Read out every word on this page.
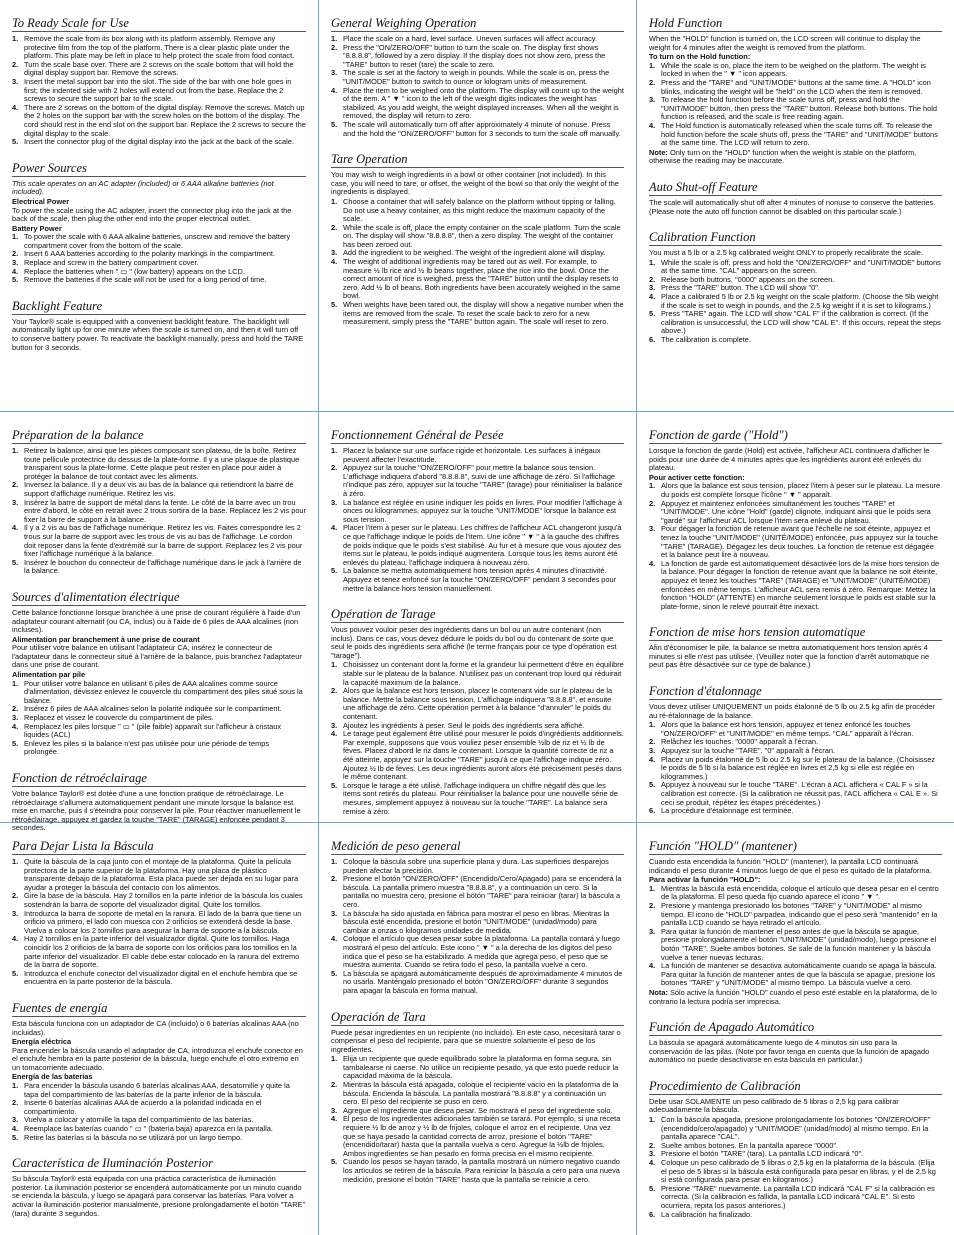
To Ready Scale for Use
1. Remove the scale from its box along with its platform assembly. Remove any protective film from the top of the platform. There is a clear plastic plate under the platform. This plate may be left in place to help protect the scale from food contact.
2. Turn the scale base over. There are 2 screws on the scale bottom that will hold the digital display support bar. Remove the screws.
3. Insert the metal support bar into the slot. The side of the bar with one hole goes in first; the indented side with 2 holes will extend out from the base. Replace the 2 screws to secure the support bar to the scale.
4. There are 2 screws on the bottom of the digital display. Remove the screws. Match up the 2 holes on the support bar with the screw holes on the bottom of the display. The cord should rest in the end slot on the support bar. Replace the 2 screws to secure the digital display to the scale.
5. Insert the connector plug of the digital display into the jack at the back of the scale.
Power Sources

This scale operates on an AC adapter (included) or 6 AAA alkaline batteries (not included).

Electrical Power

To power the scale using the AC adapter, insert the connector plug into the jack at the back of the scale, then plug the other end into the proper electrical outlet.

Battery Power

1. To power the scale with 6 AAA alkaline batteries, unscrew and remove the battery compartment cover from the bottom of the scale.
2. Insert 6 AAA batteries according to the polarity markings in the compartment.
3. Replace and screw in the battery compartment cover.
4. Replace the batteries when " ▭ " (low battery) appears on the LCD.
5. Remove the batteries if the scale will not be used for a long period of time.
Backlight Feature

Your Taylor® scale is equipped with a convenient backlight feature. The backlight will automatically light up for one minute when the scale is turned on, and then it will turn off to conserve battery power. To reactivate the backlight manually, press and hold the TARE button for 3 seconds.

General Weighing Operation
1. Place the scale on a hard, level surface. Uneven surfaces will affect accuracy.
2. Press the "ON/ZERO/OFF" button to turn the scale on. The display first shows "8.8.8.8", followed by a zero display. If the display does not show zero, press the "TARE" button to reset (tare) the scale to zero.
3. The scale is set at the factory to weigh in pounds. While the scale is on, press the "UNIT/MODE" button to switch to ounce or kilogram units of measurement.
4. Place the item to be weighed onto the platform. The display will count up to the weight of the item. A " ▼ " icon to the left of the weight digits indicates the weight has stabilized. As you add weight, the weight displayed increases. When all the weight is removed, the display will return to zero.
5. The scale will automatically turn off after approximately 4 minute of nonuse. Press and the hold the "ON/ZERO/OFF" button for 3 seconds to turn the scale off manually.
Tare Operation

You may wish to weigh ingredients in a bowl or other container (not included). In this case, you will need to tare, or offset, the weight of the bowl so that only the weight of the ingredients is displayed.

1. Choose a container that will safely balance on the platform without tipping or falling. Do not use a heavy container, as this might reduce the maximum capacity of the scale.
2. While the scale is off, place the empty container on the scale platform. Turn the scale on. The display will show "8.8.8.8", then a zero display. The weight of the container has been zeroed out.
3. Add the ingredient to be weighed. The weight of the ingredient alone will display.
4. The weight of additional ingredients may be tared out as well. For example, to measure ½ lb rice and ½ lb beans together, place the rice into the bowl. Once the correct amount of rice is weighed, press the "TARE" button until the display resets to zero. Add ½ lb of beans. Both ingredients have been accurately weighed in the same bowl.
5. When weights have been tared out, the display will show a negative number when the items are removed from the scale. To reset the scale back to zero for a new measurement, simply press the "TARE" button again. The scale will reset to zero.
Hold Function

When the "HOLD" function is turned on, the LCD screen will continue to display the weight for 4 minutes after the weight is removed from the platform.

To turn on the Hold function:

1. While the scale is on, place the item to be weighed on the platform. The weight is locked in when the " ▼ " icon appears.
2. Press and the "TARE" and "UNIT/MODE" buttons at the same time. A "HOLD" icon blinks, indicating the weight will be "held" on the LCD when the item is removed.
3. To release the hold function before the scale turns off, press and hold the "UNIT/MODE" button, then press the "TARE" button. Release both buttons. The hold function is released, and the scale is free reading again.
4. The Hold function is automatically released when the scale turns off. To release the hold function before the scale shuts off, press the "TARE" and "UNIT/MODE" buttons at the same time. The LCD will return to zero.

Note: Only turn on the "HOLD" function when the weight is stable on the platform, otherwise the reading may be inaccurate.

Auto Shut-off Feature

The scale will automatically shut off after 4 minutes of nonuse to conserve the batteries. (Please note the auto off function cannot be disabled on this particular scale.)

Calibration Function

You must a 5 lb or a 2.5 kg calibrated weight ONLY to properly recalibrate the scale.

1. While the scale is off, press and hold the "ON/ZERO/OFF" and "UNIT/MODE" buttons at the same time. "CAL" appears on the screen.
2. Release both buttons. "0000" appears on the screen.
3. Press the "TARE" button. The LCD will show "0".
4. Place a calibrated 5 lb or 2.5 kg weight on the scale platform. (Choose the 5lb weight if the scale is set to weigh in pounds, and the 2.5 kg weight if it is set to kilograms.)
5. Press "TARE" again. The LCD will show "CAL F" if the calibration is correct. (If the calibration is unsuccessful, the LCD will show "CAL E". If this occurs, repeat the steps above.)
6. The calibration is complete.
Préparation de la balance
1. Retirez la balance, ainsi que les pièces composant son plateau, de la boîte. Retirez toute pellicule protectrice du dessus de la plate-forme. Il y a une plaque de plastique transparent sous la plate-forme. Cette plaque peut rester en place pour aider à protéger la balance de tout contact avec les aliments.
2. Inversez la balance. Il y a deux vis au bas de la balance qui retiendront la barre de support d'affichage numérique. Retirez les vis.
3. Insérez la barre de support de métal dans la fente. Le côté de la barre avec un trou entre d'abord, le côté en retrait avec 2 trous sortira de la base. Replacez les 2 vis pour fixer la barre de support à la balance.
4. Il y a 2 vis au bas de l'affichage numérique. Retirez les vis. Faites correspondre les 2 trous sur la barre de support avec les trous de vis au bas de l'affichage. Le cordon doit reposer dans la fente d'extrémité sur la barre de support. Replacez les 2 vis pour fixer l'affichage numérique à la balance.
5. Insérez le bouchon du connecteur de l'affichage numérique dans le jack à l'arrière de la balance.
Sources d'alimentation électrique

Cette balance fonctionne lorsque branchée à une prise de courant régulière à l'aide d'un adaptateur courant alternatif (ou CA, inclus) ou à l'aide de 6 piles de AAA alcalines (non incluses).

Alimentation par branchement à une prise de courant

Pour utiliser votre balance en utilisant l'adaptateur CA, insérez le connecteur de l'adaptateur dans le connecteur situé à l'arrière de la balance, puis branchez l'adaptateur dans une prise de courant.

Alimentation par pile

1. Pour utiliser votre balance en utilisant 6 piles de AAA alcalines comme source d'alimentation, dévissez enlevez le couvercle du compartiment des piles situé sous la balance.
2. Insérez 6 piles de AAA alcalines selon la polarité indiquée sur le compartiment.
3. Replacez et vissez le couvercle du compartiment de piles.
4. Remplacez les piles lorsque " ▭ " (pile faible) apparaît sur l'afficheur à cristaux liquides (ACL)
5. Enlevez les piles si la balance n'est pas utilisée pour une période de temps prolongée.
Fonction de rétroéclairage

Votre balance Taylor® est dotée d'une a une fonction pratique de rétroéclairage. Le rétroéclairage s'allumera automatiquement pendant une minute lorsque la balance est mise en marche, puis il s'éteindra pour conserver la pile. Pour réactiver manuellement le rétroéclairage, appuyez et gardez la touche "TARE" (TARAGE) enfoncée pendant 3 secondes.

Fonctionnement Général de Pesée
1. Placez la balance sur une surface rigide et horizontale. Les surfaces à inégaux peuvent affecter l'exactitude.
2. Appuyez sur la touche "ON/ZERO/OFF" pour mettre la balance sous tension. L'affichage indiquera d'abord "8.8.8.8", suivi de une affichage de zéro. Si l'affichage n'indique pas zéro, appuyer sur la touche "TARE" (tarage) pour réinitialiser la balance à zéro.
3. La balance est réglée en usine indiquer les poids en livres. Pour modifier l'affichage à onces ou kilogrammes, appuyez sur la touche "UNIT/MODE" lorsque la balance est sous tension.
4. Placer l'item à peser sur le plateau. Les chiffres de l'afficheur ACL changeront jusqu'à ce que l'affichage indique le poids de l'item. Une icône " ▼ " à la gauche des chiffres de poids indique que le poids s'est stabilisé. Au fur et à mesure que vous ajoutez des items sur le plateau, le poids indiqué augmentera. Lorsque tous les items auront été enlevés du plateau, l'affichage indiquera à nouveau zéro.
5. La balance se mettra automatiquement hors tension après 4 minutes d'inactivité. Appuyez et tenez enfoncé sur la touche "ON/ZERO/OFF" pendant 3 secondes pour mettre la balance hors tension manuellement.
Opération de Tarage

Vous pouvez vouloir peser des ingrédients dans un bol ou un autre contenant (non inclus). Dans ce cas, vous devez déduire le poids du bol ou du contenant de sorte que seul le poids des ingrédients sera affiché (le terme français pour ce type d'opération est "tarage").

1. Choisissez un contenant dont la forme et la grandeur lui permettent d'être en équilibre stable sur le plateau de la balance. N'utilisez pas un contenant trop lourd qui réduirait la capacité maximum de la balance.
2. Alors que la balance est hors tension, placez le contenant vide sur le plateau de la balance. Mettre la balance sous tension. L'affichage indiquera "8.8.8.8", et ensuite une affichage de zéro. Cette opération permet à la balance "d'annuler" le poids du contenant.
3. Ajoutez les ingrédients à peser. Seul le poids des ingrédients sera affiché.
4. Le tarage peut également être utilisé pour mesurer le poids d'ingrédients additionnels. Par exemple, supposons que vous vouliez peser ensemble ½lb de riz et ½ lb de fèves. Placez d'abord le riz dans le contenant. Lorsque la quantité correcte de riz a été atteinte, appuyez sur la touche "TARE" jusqu'à ce que l'affichage indique zéro. Ajoutez ½ lb de fèves. Les deux ingrédients auront alors été précisément pesés dans le même contenant.
5. Lorsque le tarage a été utilisé, l'affichage indiquera un chiffre négatif dès que les items sont retirés du plateau. Pour réinitialiser la balance pour une nouvelle série de mesures, simplement appuyez à nouveau sur la touche "TARE". La balance sera remise à zéro.
Fonction de garde ("Hold")

Lorsque la fonction de garde (Hold) est activée, l'afficheur ACL continuera d'afficher le poids pour une durée de 4 minutes après que les ingrédients auront été enlevés du plateau.

Pour activer cette fonction:

1. Alors que la balance est sous tension, placez l'item à peser sur le plateau. La mesure du poids est complète lorsque l'icône " ▼ " apparaît.
2. Appuyez et maintenez enfoncées simultanément les touches "TARE" et "UNIT/MODE". Une icône "Hold" (garde) clignote, indiquant ainsi que le poids sera "gardé" sur l'afficheur ACL lorsque l'item sera enlevé du plateau.
3. Pour dégager la fonction de retenue avant que l'échelle ne soit éteinte, appuyez et tenez la touche "UNIT/MODE" (UNITÉ/MODE) enfoncée, puis appuyez sur la touche "TARE" (TARAGE). Dégagez les deux touches. La fonction de retenue est dégagée et la balance peut lire à nouveau.
4. La fonction de garde est automatiquement désactivée lors de la mise hors tension de la balance. Pour dégager la fonction de retenue avant que la balance ne soit éteinte, appuyez et tenez les touches "TARE" (TARAGE) et "UNIT/MODE" (UNITÉ/MODE) enfoncées en même temps. L'afficheur ACL sera remis à zéro. Remarque: Mettez la fonction "HOLD" (ATTENTE) en marche seulement lorsque le poids est stable sur la plate-forme, sinon le relevé pourrait être inexact.
Fonction de mise hors tension automatique

Afin d'économiser le pile, la balance se mettra automatiquement hors tension après 4 minutes si elle n'est pas utilisée. (Veuillez noter que la fonction d'arrêt automatique ne peut pas être désactivée sur ce type de balance.)

Fonction d'étalonnage

Vous devez utiliser UNIQUEMENT un poids étalonné de 5 lb ou 2.5 kg afin de procéder au ré-étalonnage de la balance.

1. Alors que la balance est hors tension, appuyez et tenez enfoncé les touches "ON/ZERO/OFF" et "UNIT/MODE" en même temps. "CAL" apparaît à l'écran.
2. Relâchez les touches. "0000" apparaît à l'écran.
3. Appuyez sur la touche "TARE". "0" apparaît à l'écran.
4. Placez un poids étalonné de 5 lb ou 2.5 kg sur le plateau de la balance. (Choisissez le poids de 5 lb si la balance est réglée en livres et 2,5 kg si elle est réglée en kilogrammes.)
5. Appuyez à nouveau sur le touche "TARE". L'écran à ACL affichera « CAL F » si la calibration est correcte. (Si la calibration ne réussit pas, l'ACL affichera « CAL E ». Si ceci se produit, répétez les étapes précédentes.)
6. La procédure d'étalonnage est terminée.
Para Dejar Lista la Báscula
1. Quite la báscula de la caja junto con el montaje de la plataforma. Quite la película protectora de la parte superior de la plataforma. Hay una placa de plástico transparente debajo de la plataforma. Esta placa puede ser dejada en su lugar para ayudar a proteger la báscula del contacto con los alimentos.
2. Gire la base de la báscula. Hay 2 tornillos en la parte inferior de la báscula los cuales sostendrán la barra de soporte del visualizador digital. Quite los tornillos.
3. Introduzca la barra de soporte de metal en la ranura. El lado de la barra que tiene un orificio va primero, el lado con muesca con 2 orificios se extenderá desde la base. Vuelva a colocar los 2 tornillos para asegurar la barra de soporte a la báscula.
4. Hay 2 tornillos en la parte inferior del visualizador digital. Quite los tornillos. Haga coincidir los 2 orificios de la barra de soporte con los orificios para los tornillos en la parte inferior del visualizador. El cable debe estar colocado en la ranura del extremo de la barra de soporte.
5. Introduzca el enchufe conector del visualizador digital en el enchufe hembra que se encuentra en la parte posterior de la báscula.
Fuentes de energía

Esta báscula funciona con un adaptador de CA (incluido) o 6 baterías alcalinas AAA (no incluidas).

Energía eléctrica

Para encender la báscula usando el adaptador de CA, introduzca el enchufe conector en el enchufe hembra en la parte posterior de la báscula, luego enchufe el otro extremo en un tomacorriente adecuado.

Energía de las baterías

1. Para encender la báscula usando 6 baterías alcalinas AAA, desatornille y quite la tapa del compartimiento de las baterías de la parte inferior de la báscula.
2. Inserte 6 baterías alcalinas AAA de acuerdo a la polaridad indicada en el compartimiento.
3. Vuelva a colocar y atornille la tapa del compartimiento de las baterías.
4. Reemplace las baterías cuando " ▭ " (batería baja) aparezca en la pantalla.
5. Retire las baterías si la báscula no se utilizará por un largo tiempo.
Característica de Iluminación Posterior

Su báscula Taylor® está equipada con una práctica característica de iluminación posterior. La iluminación posterior se encenderá automáticamente por un minuto cuando se encienda la báscula, y luego se apagará para conservar las baterías. Para volver a activar la iluminación posterior manualmente, presione prolongadamente el botón "TARE" (tara) durante 3 segundos.

Medición de peso general
1. Coloque la báscula sobre una superficie plana y dura. Las superficies desparejos pueden afectar la precisión.
2. Presione el botón "ON/ZERO/OFF" (Encendido/Cero/Apagado) para se encenderá la báscula. La pantalla primero muestra "8.8.8.8", y a continuación un cero. Si la pantalla no muestra cero, presione el botón "TARE" para reiniciar (tarar) la báscula a cero.
3. La báscula ha sido ajustada en fábrica para mostrar el peso en libras. Mientras la báscula esté encendida, presione el botón "UNIT/MODE" (unidad/modo) para cambiar a onzas o kilogramos unidades de medida.
4. Coloque el artículo que desea pesar sobre la plataforma. La pantalla contará y luego mostrará el peso del artículo. Este icono " ▼ " a la derecha de los dígitos del peso indica que el peso se ha estabilizado. A medida que agrega peso, el peso que se muestra aumenta. Cuando se retira todo el peso, la pantalla vuelve a cero.
5. La báscula se apagará automáticamente después de aproximadamente 4 minutos de no usarla. Manténgalo presionado el botón "ON/ZERO/OFF" durante 3 segundos para apagar la báscula en forma manual.
Operación de Tara

Puede pesar ingredientes en un recipiente (no incluido). En este caso, necesitará tarar o compensar el peso del recipiente, para que se muestre solamente el peso de los ingredientes.

1. Elija un recipiente que quede equilibrado sobre la plataforma en forma segura, sin tambalearse ni caerse. No utilice un recipiente pesado, ya que esto puede reducir la capacidad máxima de la báscula.
2. Mientras la báscula está apagada, coloque el recipiente vacío en la plataforma de la báscula. Encienda la báscula. La pantalla mostrará "8.8.8.8" y a continuación un cero. El peso del recipiente se puso en cero.
3. Agregue el ingrediente que desea pesar. Se mostrará el peso del ingrediente solo.
4. El peso de los ingredientes adicionales también se tarará. Por ejemplo, si una receta requiere ½ lb de arroz y ½ lb de frijoles, coloque el arroz en el recipiente. Una vez que se haya pesado la cantidad correcta de arroz, presione el botón "TARE"(encendido/tarar) hasta que la pantalla vuelva a cero. Agregue la ½lb de frijoles. Ambos ingredientes se han pesado en forma precisa en el mismo recipiente.
5. Cuando los pesos se hayan tarado, la pantalla mostrará un número negativo cuando los artículos se retiren de la báscula. Para reiniciar la báscula a cero para una nueva medición, presione el botón "TARE" hasta que la pantalla se reinicie a cero.
Función "HOLD" (mantener)

Cuando esta encendida la función "HOLD" (mantener), la pantalla LCD continuará indicando el peso durante 4 minutos luego de que el peso es quitado de la plataforma.

Para activar la función "HOLD":

1. Mientras la báscula está encendida, coloque el artículo que desea pesar en el centro de la plataforma. El peso queda fijo cuando aparece el icono " ▼ ".
2. Presione y mantenga presionado los botones "TARE" y "UNIT/MODE" al mismo tiempo. El icono de "HOLD" parpadea, indicando que el peso será "mantenido" en la pantalla LCD cuando se haya retirado el artículo.
3. Para quitar la función de mantener el peso antes de que la báscula se apague, presione prolongadamente el botón "UNIT/MODE" (unidad/modo), luego presione el botón "TARE". Suelte ambos botones. Se sale de la función mantener y la báscula vuelve a tener nuevas lecturas.
4. La función de mantener se desactiva automáticamente cuando se apaga la báscula. Para quitar la función de mantener antes de que la báscula se apague, presione los botones "TARE" y "UNIT/MODE" al mismo tiempo. La báscula vuelve a cero.

Nota: Sólo active la función "HOLD" cuando el peso esté estable en la plataforma, de lo contrario la lectura podría ser imprecisa.

Función de Apagado Automático

La báscula se apagará automáticamente luego de 4 minutos sin uso para la conservación de las pilas. (Note por favor tenga en cuenta que la función de apagado automático no puede desactivarse en esta báscula en particular.)

Procedimiento de Calibración

Debe usar SOLAMENTE un peso calibrado de 5 libras o 2,5 kg para calibrar adecuadamente la báscula.

1. Con la báscula apagada, presione prolongadamente los botones "ON/ZERO/OFF" (encendido/cero/apagado) y "UNIT/MODE" (unidad/modo) al mismo tiempo. En la pantalla aparece "CAL".
2. Suelte ambos botones. En la pantalla aparece "0000".
3. Presione el botón "TARE" (tara). La pantalla LCD indicará "0".
4. Coloque un peso calibrado de 5 libras o 2,5 kg en la plataforma de la báscula. (Elija el peso de 5 libras si la báscula está configurada para pesar en libras, y el de 2,5 kg si está configurada para pesar en kilogramos.)
5. Presione "TARE" nuevamente. La pantalla LCD indicará "CAL F" si la calibración es correcta. (Si la calibración es fallida, la pantalla LCD indicará "CAL E". Si esto ocurriera, repita los pasos anteriores.)
6. La calibración ha finalizado.
